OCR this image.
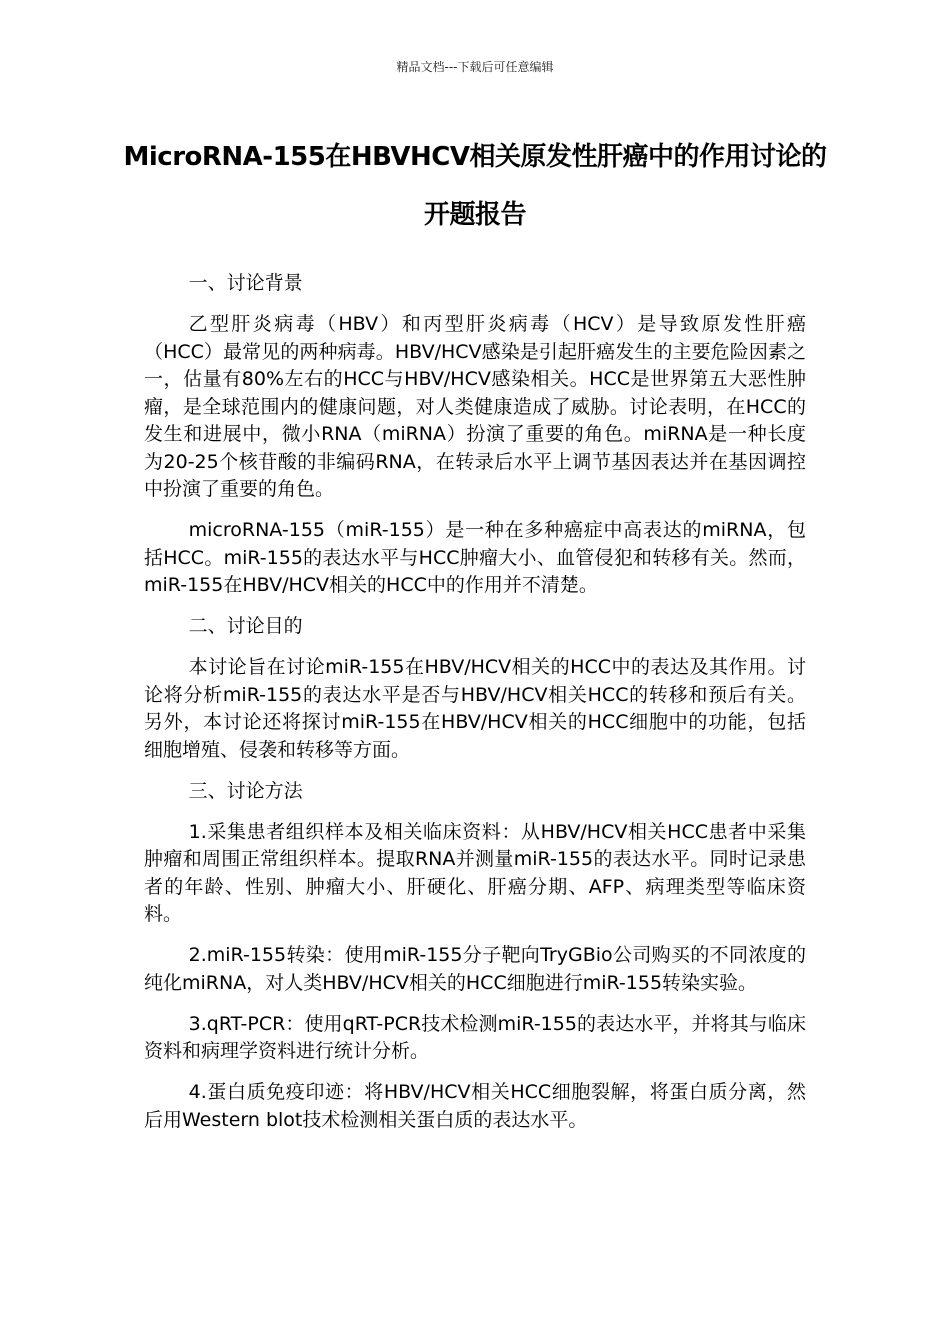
精品文档---下载后可任意编辑
MicroRNA-155在HBVHCV相关原发性肝癌中的作用讨论的开题报告

一、讨论背景

乙型肝炎病毒（HBV）和丙型肝炎病毒（HCV）是导致原发性肝癌（HCC）最常见的两种病毒。HBV/HCV感染是引起肝癌发生的主要危险因素之一，估量有80%左右的HCC与HBV/HCV感染相关。HCC是世界第五大恶性肿瘤，是全球范围内的健康问题，对人类健康造成了威胁。讨论表明，在HCC的发生和进展中，微小RNA（miRNA）扮演了重要的角色。miRNA是一种长度为20-25个核苷酸的非编码RNA，在转录后水平上调节基因表达并在基因调控中扮演了重要的角色。

microRNA-155（miR-155）是一种在多种癌症中高表达的miRNA，包括HCC。miR-155的表达水平与HCC肿瘤大小、血管侵犯和转移有关。然而，miR-155在HBV/HCV相关的HCC中的作用并不清楚。

二、讨论目的

本讨论旨在讨论miR-155在HBV/HCV相关的HCC中的表达及其作用。讨论将分析miR-155的表达水平是否与HBV/HCV相关HCC的转移和预后有关。另外，本讨论还将探讨miR-155在HBV/HCV相关的HCC细胞中的功能，包括细胞增殖、侵袭和转移等方面。

三、讨论方法

1.采集患者组织样本及相关临床资料：从HBV/HCV相关HCC患者中采集肿瘤和周围正常组织样本。提取RNA并测量miR-155的表达水平。同时记录患者的年龄、性别、肿瘤大小、肝硬化、肝癌分期、AFP、病理类型等临床资料。

2.miR-155转染：使用miR-155分子靶向TryGBio公司购买的不同浓度的纯化miRNA，对人类HBV/HCV相关的HCC细胞进行miR-155转染实验。

3.qRT-PCR：使用qRT-PCR技术检测miR-155的表达水平，并将其与临床资料和病理学资料进行统计分析。

4.蛋白质免疫印迹：将HBV/HCV相关HCC细胞裂解，将蛋白质分离，然后用Western blot技术检测相关蛋白质的表达水平。
